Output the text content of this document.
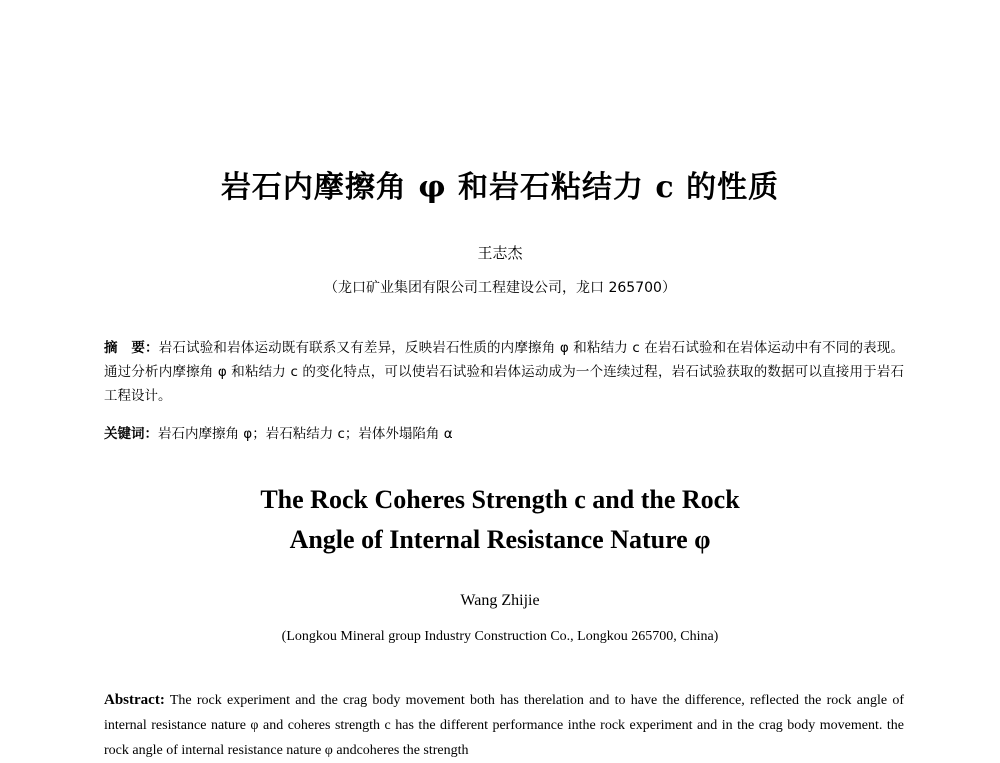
岩石内摩擦角 φ 和岩石粘结力 c 的性质
王志杰
（龙口矿业集团有限公司工程建设公司，龙口 265700）
摘　要：岩石试验和岩体运动既有联系又有差异，反映岩石性质的内摩擦角 φ 和粘结力 c 在岩石试验和在岩体运动中有不同的表现。通过分析内摩擦角 φ 和粘结力 c 的变化特点，可以使岩石试验和岩体运动成为一个连续过程，岩石试验获取的数据可以直接用于岩石工程设计。
关键词：岩石内摩擦角 φ；岩石粘结力 c；岩体外塌陷角 α
The Rock Coheres Strength c and the Rock
Angle of Internal Resistance Nature φ
Wang Zhijie
(Longkou Mineral group Industry Construction Co., Longkou 265700, China)
Abstract: The rock experiment and the crag body movement both has therelation and to have the difference, reflected the rock angle of internal resistance nature φ and coheres strength c has the different performance inthe rock experiment and in the crag body movement. the rock angle of internal resistance nature φ andcoheres the strength
